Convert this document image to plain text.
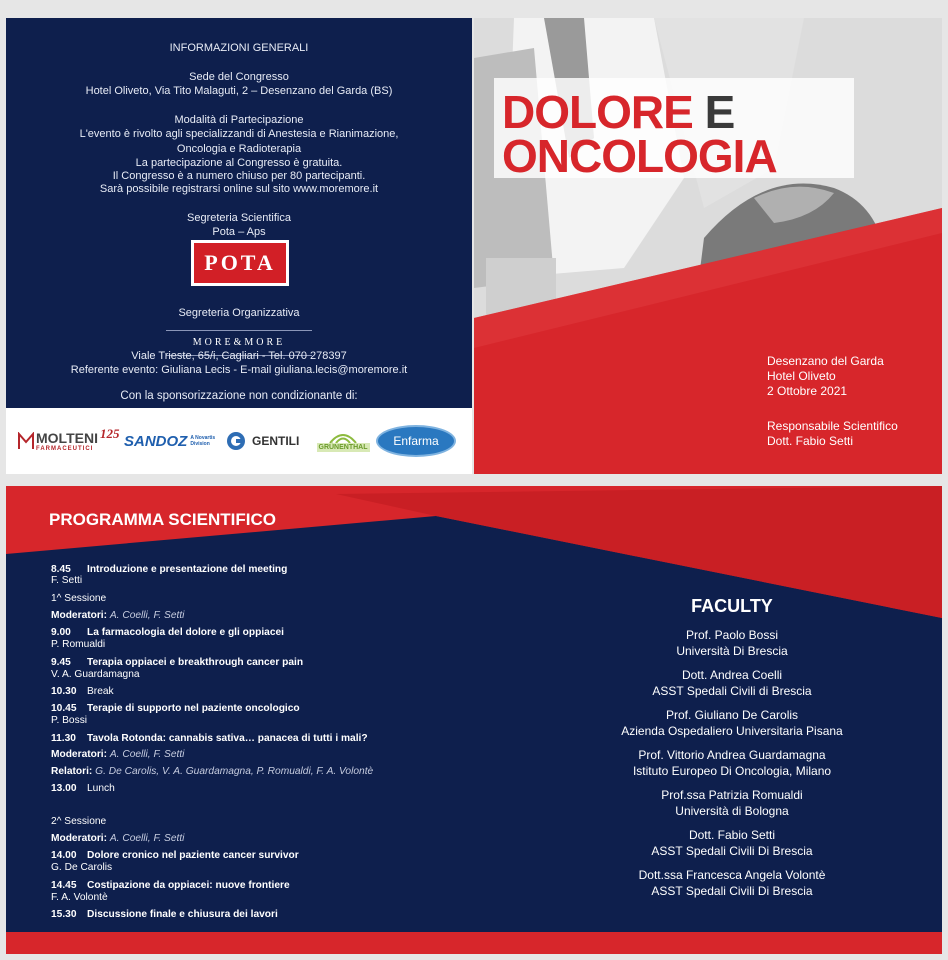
INFORMAZIONI GENERALI
Sede del Congresso
Hotel Oliveto, Via Tito Malaguti, 2 – Desenzano del Garda (BS)
Modalità di Partecipazione
L'evento è rivolto agli specializzandi di Anestesia e Rianimazione,
Oncologia e Radioterapia
La partecipazione al Congresso è gratuita.
Il Congresso è a numero chiuso per 80 partecipanti.
Sarà possibile registrarsi online sul sito www.moremore.it
Segreteria Scientifica
Pota – Aps
POTA
Segreteria Organizzativa
MORE&MORE
Viale Trieste, 65/i, Cagliari - Tel. 070 278397
Referente evento: Giuliana Lecis - E-mail giuliana.lecis@moremore.it
Con la sponsorizzazione non condizionante di:
MOLTENI
FARMACEUTICI
125 SANDOZ A Novartis Division	GENTILI	GRÜNENTHAL	Enfarma
DOLORE E
ONCOLOGIA
Desenzano del Garda
Hotel Oliveto
2 Ottobre 2021
Responsabile Scientifico
Dott. Fabio Setti
PROGRAMMA SCIENTIFICO
8.45 Introduzione e presentazione del meeting
F. Setti
1^ Sessione
Moderatori: A. Coelli, F. Setti
9.00 La farmacologia del dolore e gli oppiacei
P. Romualdi
9.45 Terapia oppiacei e breakthrough cancer pain
V. A. Guardamagna
10.30 Break
10.45 Terapie di supporto nel paziente oncologico
P. Bossi
11.30 Tavola Rotonda: cannabis sativa… panacea di tutti i mali?
Moderatori: A. Coelli, F. Setti
Relatori: G. De Carolis, V. A. Guardamagna, P. Romualdi, F. A. Volontè
13.00 Lunch
2^ Sessione
Moderatori: A. Coelli, F. Setti
14.00 Dolore cronico nel paziente cancer survivor
G. De Carolis
14.45 Costipazione da oppiacei: nuove frontiere
F. A. Volontè
15.30 Discussione finale e chiusura dei lavori
FACULTY
Prof. Paolo Bossi
Università Di Brescia
Dott. Andrea Coelli
ASST Spedali Civili di Brescia
Prof. Giuliano De Carolis
Azienda Ospedaliero Universitaria Pisana
Prof. Vittorio Andrea Guardamagna
Istituto Europeo Di Oncologia, Milano
Prof.ssa Patrizia Romualdi
Università di Bologna
Dott. Fabio Setti
ASST Spedali Civili Di Brescia
Dott.ssa Francesca Angela Volontè
ASST Spedali Civili Di Brescia
